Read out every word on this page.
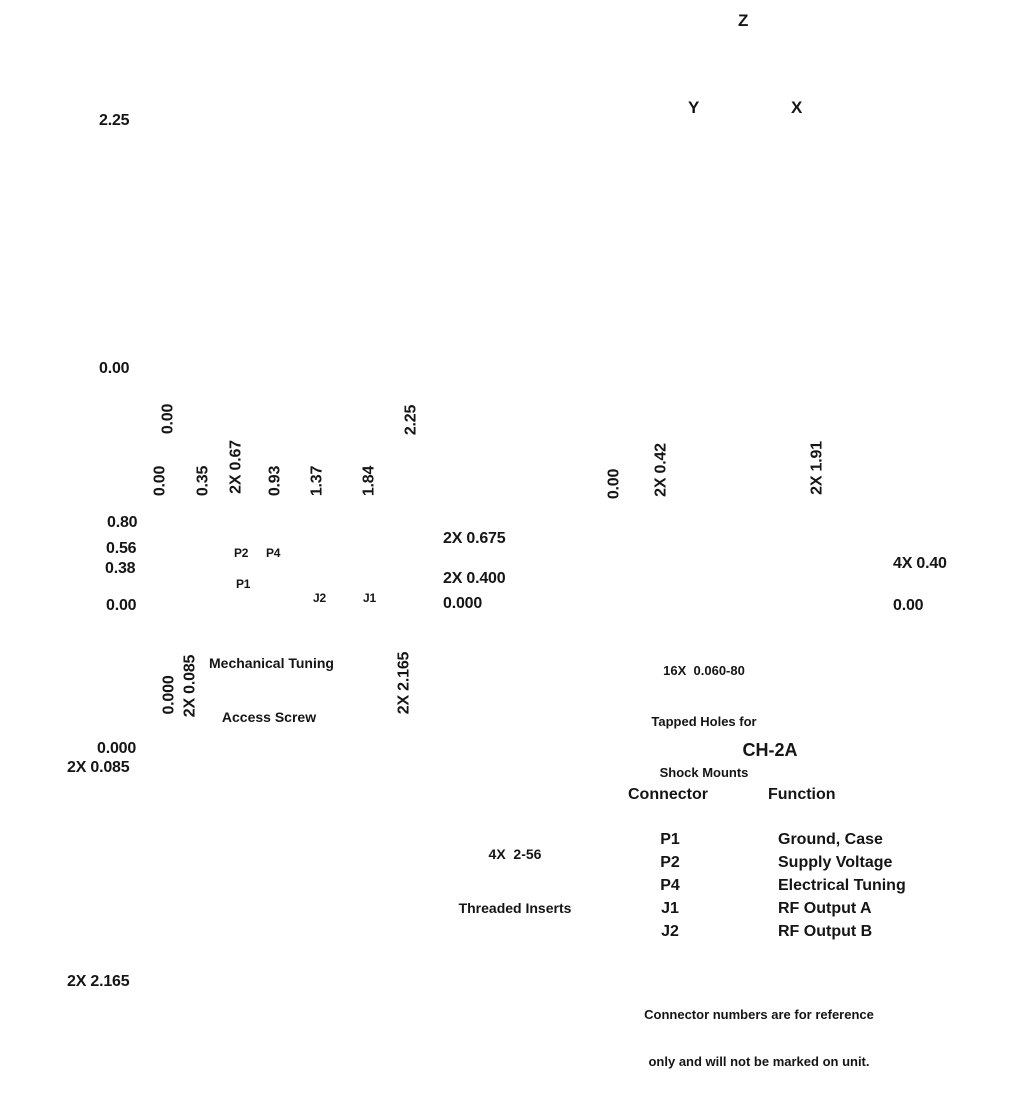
Z
Y	X
2.25
0.00
0.00	2.25
0.00 0.35 2X 0.67 0.93 1.37 1.84
0.80
0.56
0.38
0.00
P2 P4
P1
J2	J1

Mechanical Tuning

Access Screw

2X 0.675
2X 0.400
0.000
0.00 2X 0.42	2X 1.91
4X 0.40
0.00

16X  0.060-80

Tapped Holes for

Shock Mounts

0.000 2X 0.085	2X 2.165
0.000
2X 0.085

4X  2-56

Threaded Inserts

2X 2.165
CH-2A
Connector	Function
P1	Ground, Case
P2	Supply Voltage
P4	Electrical Tuning
J1	RF Output A
J2	RF Output B

Connector numbers are for reference

only and will not be marked on unit.
